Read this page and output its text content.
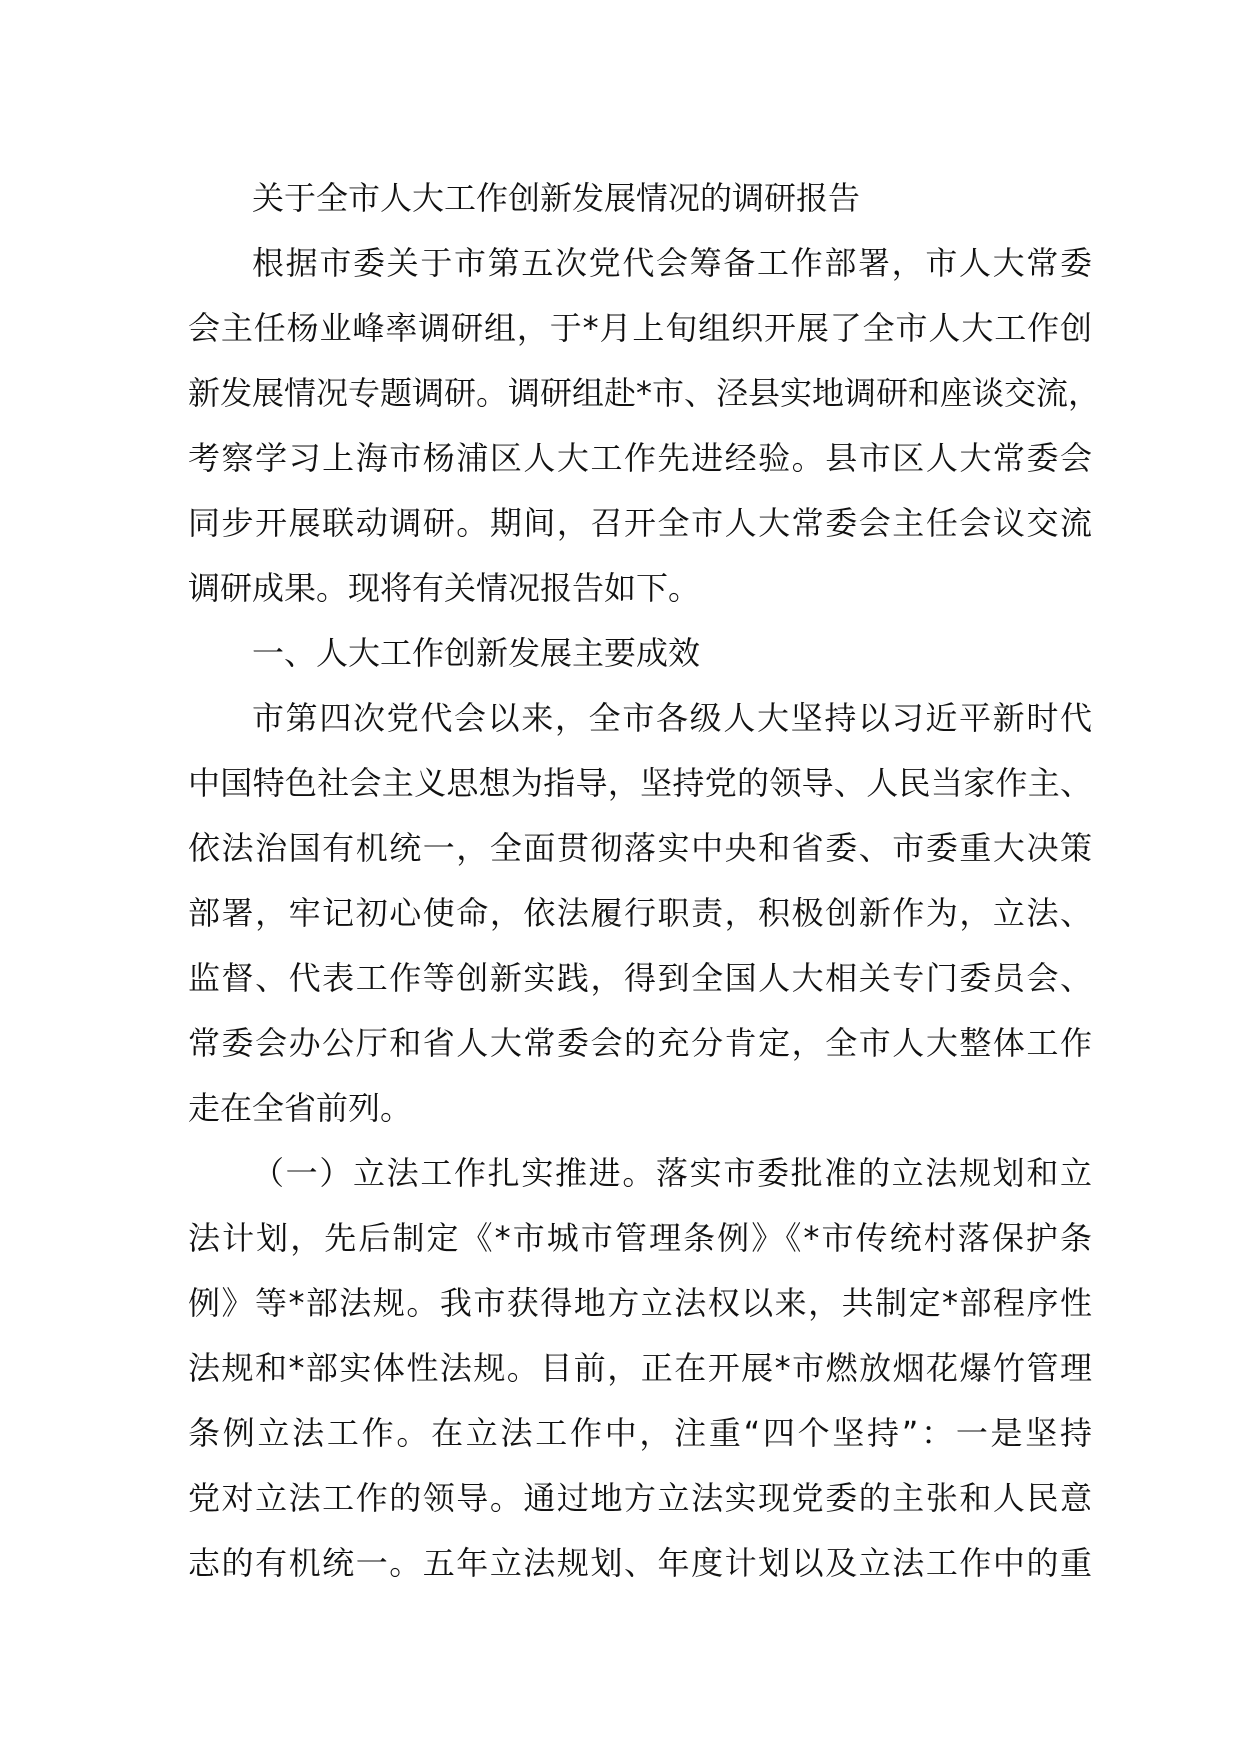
关于全市人大工作创新发展情况的调研报告
根据市委关于市第五次党代会筹备工作部署，市人大常委
会主任杨业峰率调研组，于*月上旬组织开展了全市人大工作创
新发展情况专题调研。调研组赴*市、泾县实地调研和座谈交流，
考察学习上海市杨浦区人大工作先进经验。县市区人大常委会
同步开展联动调研。期间，召开全市人大常委会主任会议交流
调研成果。现将有关情况报告如下。
一、人大工作创新发展主要成效
市第四次党代会以来，全市各级人大坚持以习近平新时代
中国特色社会主义思想为指导，坚持党的领导、人民当家作主、
依法治国有机统一，全面贯彻落实中央和省委、市委重大决策
部署，牢记初心使命，依法履行职责，积极创新作为，立法、
监督、代表工作等创新实践，得到全国人大相关专门委员会、
常委会办公厅和省人大常委会的充分肯定，全市人大整体工作
走在全省前列。
（一）立法工作扎实推进。落实市委批准的立法规划和立
法计划，先后制定《*市城市管理条例》《*市传统村落保护条
例》等*部法规。我市获得地方立法权以来，共制定*部程序性
法规和*部实体性法规。目前，正在开展*市燃放烟花爆竹管理
条例立法工作。在立法工作中，注重“四个坚持”：一是坚持
党对立法工作的领导。通过地方立法实现党委的主张和人民意
志的有机统一。五年立法规划、年度计划以及立法工作中的重
